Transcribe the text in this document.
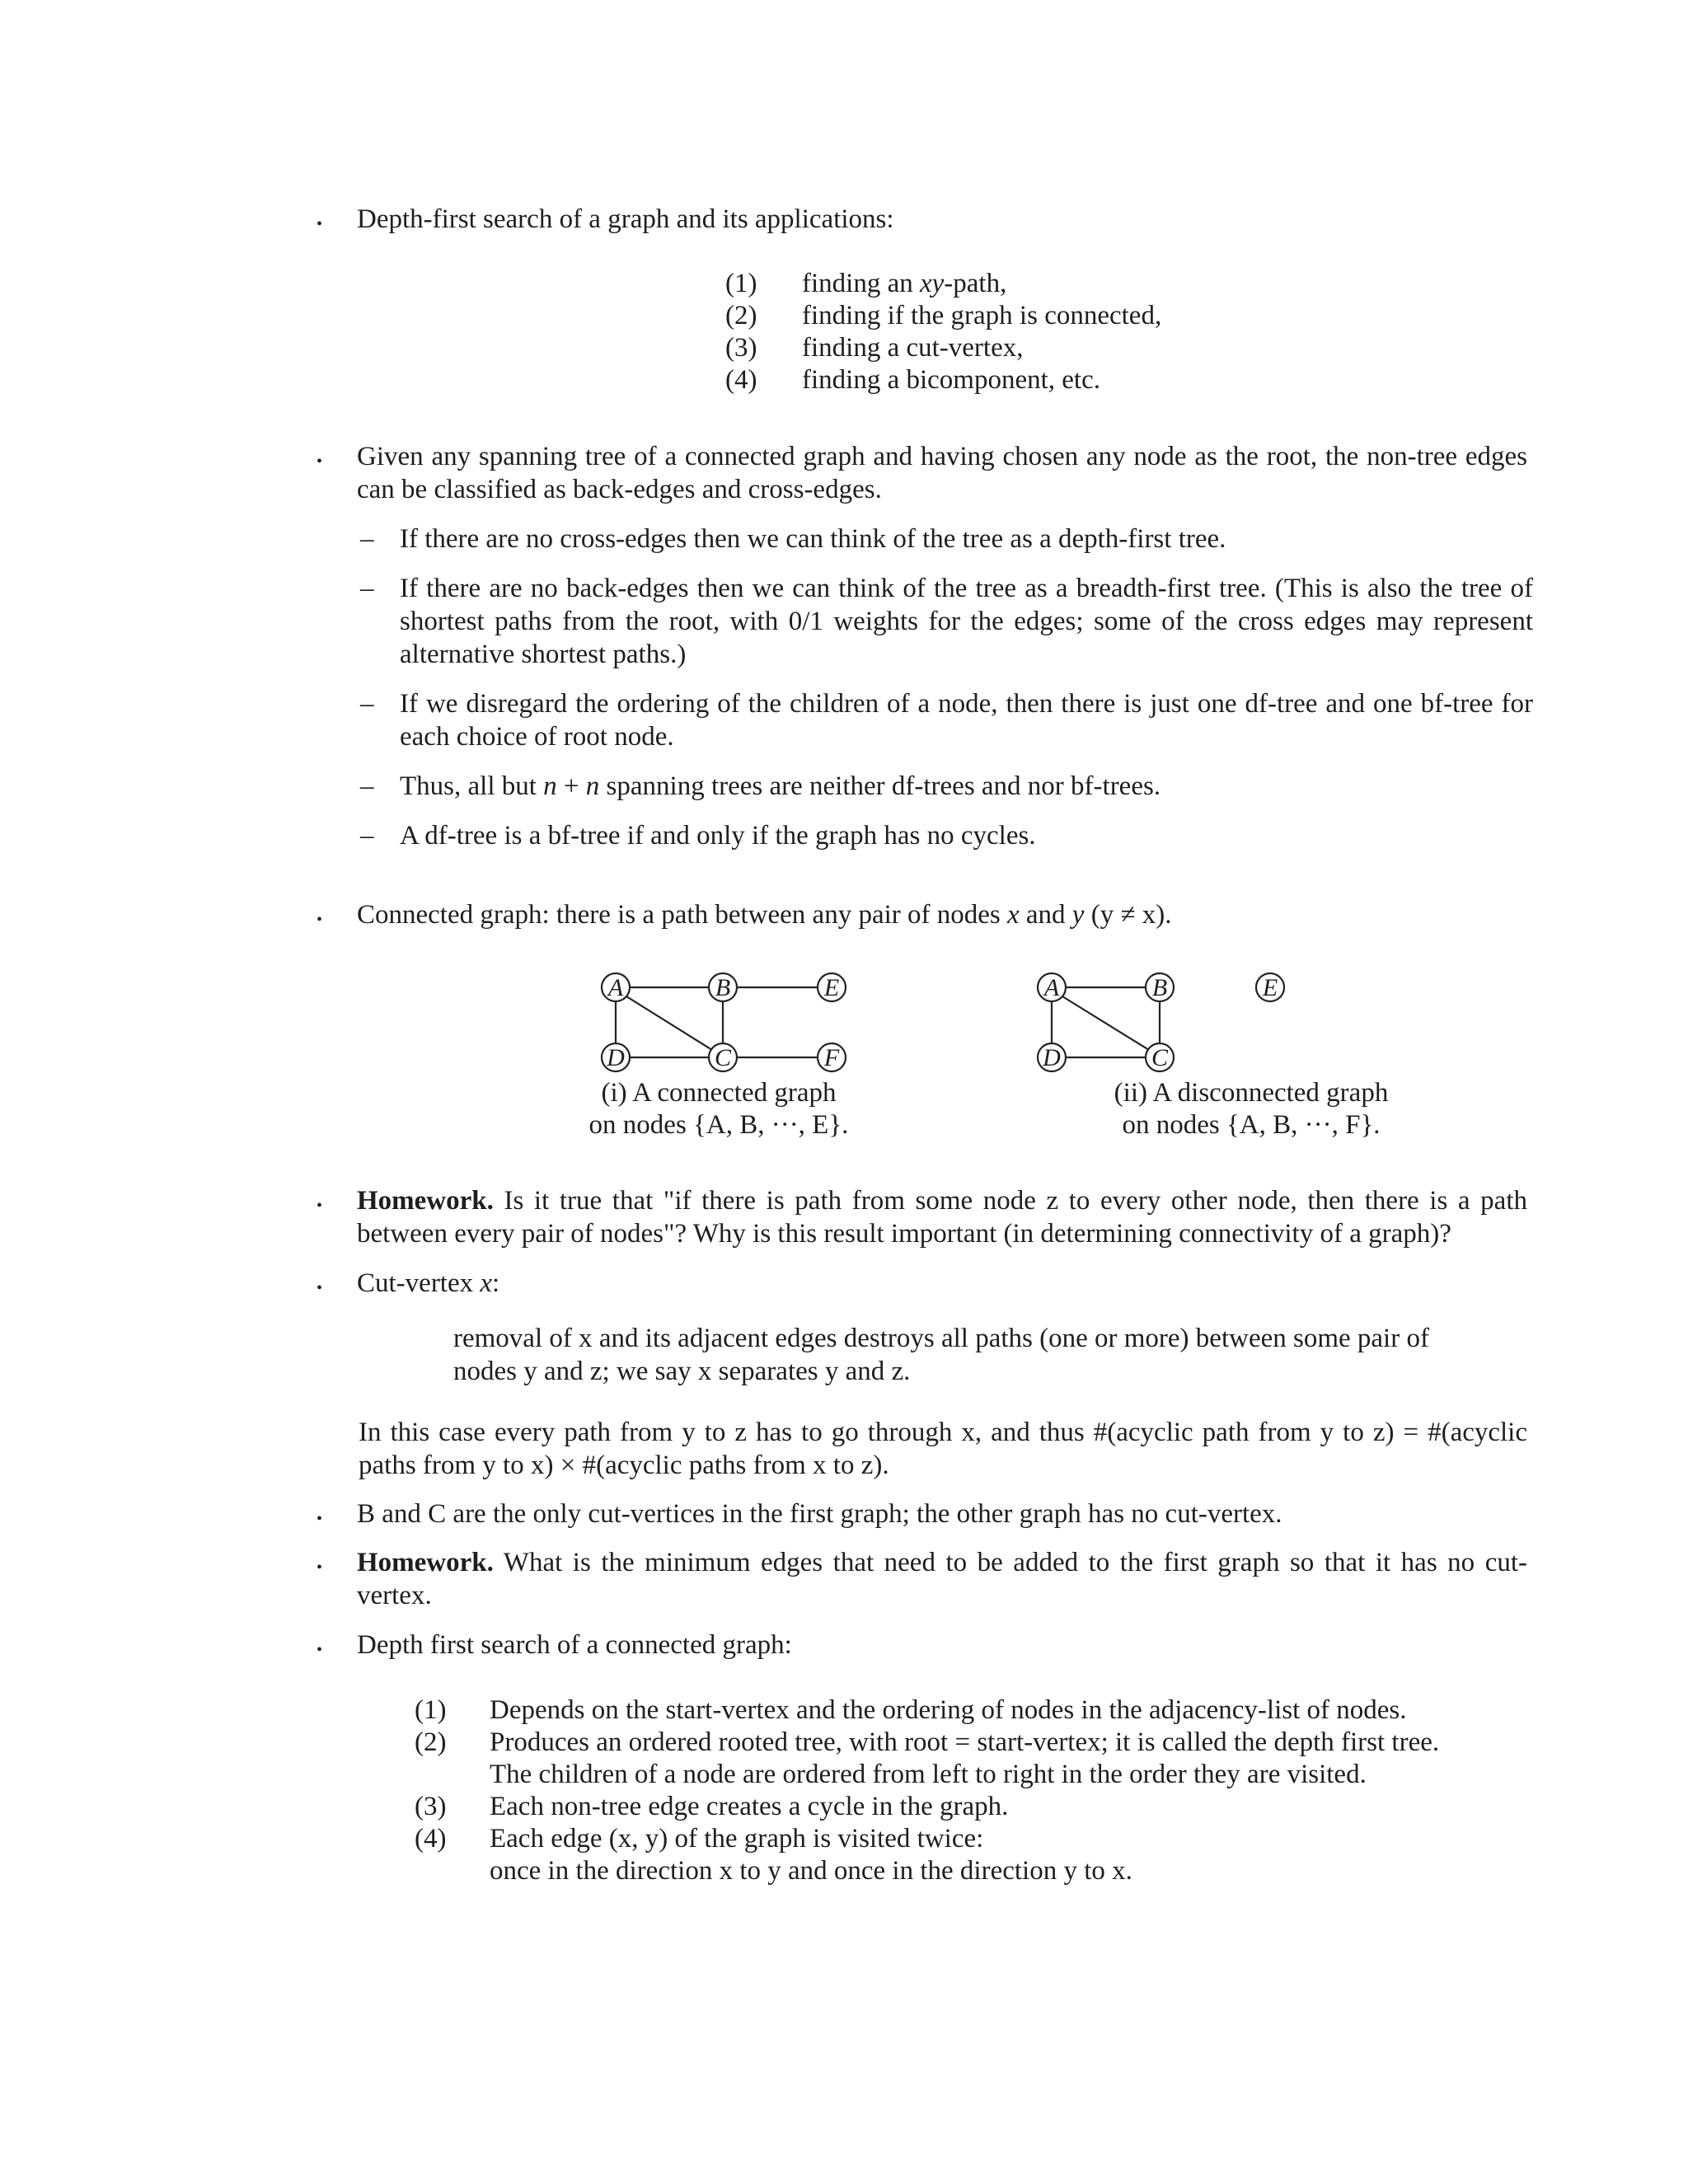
• Depth-first search of a graph and its applications:
(1) finding an xy-path,
(2) finding if the graph is connected,
(3) finding a cut-vertex,
(4) finding a bicomponent, etc.
• Given any spanning tree of a connected graph and having chosen any node as the root, the non-tree edges can be classified as back-edges and cross-edges.
– If there are no cross-edges then we can think of the tree as a depth-first tree.
– If there are no back-edges then we can think of the tree as a breadth-first tree. (This is also the tree of shortest paths from the root, with 0/1 weights for the edges; some of the cross edges may represent alternative shortest paths.)
– If we disregard the ordering of the children of a node, then there is just one df-tree and one bf-tree for each choice of root node.
– Thus, all but n + n spanning trees are neither df-trees and nor bf-trees.
– A df-tree is a bf-tree if and only if the graph has no cycles.
• Connected graph: there is a path between any pair of nodes x and y (y ≠ x).
A	B	E
D	C	F
(i) A connected graph
on nodes {A, B, ···, E}.
A	B	E
D	C
(ii) A disconnected graph
on nodes {A, B, ···, F}.
• Homework. Is it true that "if there is path from some node z to every other node, then there is a path between every pair of nodes"? Why is this result important (in determining connectivity of a graph)?
• Cut-vertex x:
removal of x and its adjacent edges destroys all paths (one or more) between some pair of
nodes y and z; we say x separates y and z.
In this case every path from y to z has to go through x, and thus #(acyclic path from y to z) = #(acyclic paths from y to x) × #(acyclic paths from x to z).
• B and C are the only cut-vertices in the first graph; the other graph has no cut-vertex.
• Homework. What is the minimum edges that need to be added to the first graph so that it has no cut-vertex.
• Depth first search of a connected graph:
(1) Depends on the start-vertex and the ordering of nodes in the adjacency-list of nodes.
(2) Produces an ordered rooted tree, with root = start-vertex; it is called the depth first tree.
The children of a node are ordered from left to right in the order they are visited.
(3) Each non-tree edge creates a cycle in the graph.
(4) Each edge (x, y) of the graph is visited twice:
once in the direction x to y and once in the direction y to x.
